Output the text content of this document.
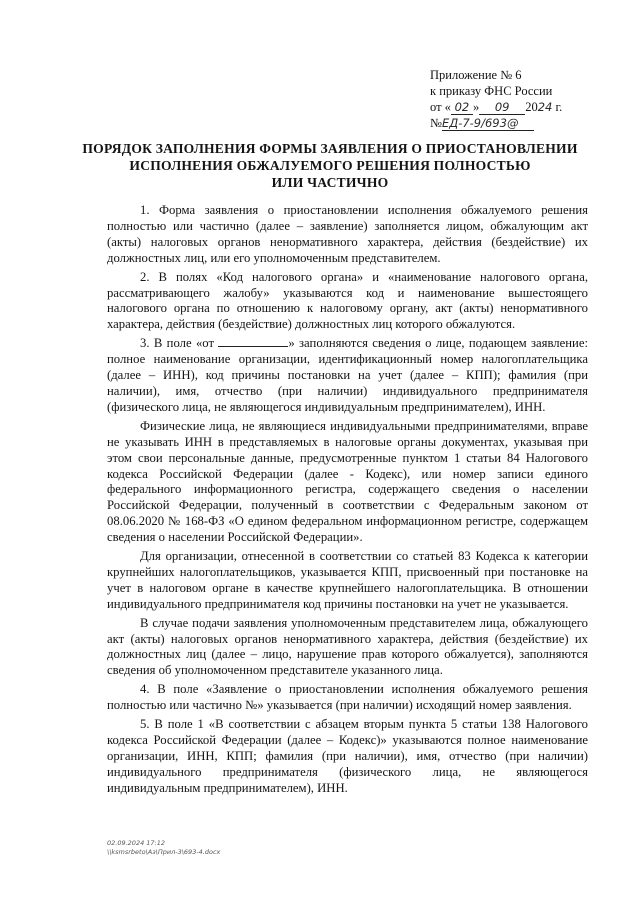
Приложение № 6
к приказу ФНС России
от « 02 » 09 2024 г.
№ЕД-7-9/693@
ПОРЯДОК ЗАПОЛНЕНИЯ ФОРМЫ ЗАЯВЛЕНИЯ О ПРИОСТАНОВЛЕНИИ
ИСПОЛНЕНИЯ ОБЖАЛУЕМОГО РЕШЕНИЯ ПОЛНОСТЬЮ
ИЛИ ЧАСТИЧНО

1. Форма заявления о приостановлении исполнения обжалуемого решения полностью или частично (далее – заявление) заполняется лицом, обжалующим акт (акты) налоговых органов ненормативного характера, действия (бездействие) их должностных лиц, или его уполномоченным представителем.

2. В полях «Код налогового органа» и «наименование налогового органа, рассматривающего жалобу» указываются код и наименование вышестоящего налогового органа по отношению к налоговому органу, акт (акты) ненормативного характера, действия (бездействие) должностных лиц которого обжалуются.

3. В поле «от	» заполняются сведения о лице, подающем заявление: полное наименование организации, идентификационный номер налогоплательщика (далее – ИНН), код причины постановки на учет (далее – КПП); фамилия (при наличии), имя, отчество (при наличии) индивидуального предпринимателя (физического лица, не являющегося индивидуальным предпринимателем), ИНН.

Физические лица, не являющиеся индивидуальными предпринимателями, вправе не указывать ИНН в представляемых в налоговые органы документах, указывая при этом свои персональные данные, предусмотренные пунктом 1 статьи 84 Налогового кодекса Российской Федерации (далее - Кодекс), или номер записи единого федерального информационного регистра, содержащего сведения о населении Российской Федерации, полученный в соответствии с Федеральным законом от 08.06.2020 № 168-ФЗ «О едином федеральном информационном регистре, содержащем сведения о населении Российской Федерации».

Для организации, отнесенной в соответствии со статьей 83 Кодекса к категории крупнейших налогоплательщиков, указывается КПП, присвоенный при постановке на учет в налоговом органе в качестве крупнейшего налогоплательщика. В отношении индивидуального предпринимателя код причины постановки на учет не указывается.

В случае подачи заявления уполномоченным представителем лица, обжалующего акт (акты) налоговых органов ненормативного характера, действия (бездействие) их должностных лиц (далее – лицо, нарушение прав которого обжалуется), заполняются сведения об уполномоченном представителе указанного лица.

4. В поле «Заявление о приостановлении исполнения обжалуемого решения полностью или частично №» указывается (при наличии) исходящий номер заявления.

5. В поле 1 «В соответствии с абзацем вторым пункта 5 статьи 138 Налогового кодекса Российской Федерации (далее – Кодекс)» указываются полное наименование организации, ИНН, КПП; фамилия (при наличии), имя, отчество (при наличии) индивидуального предпринимателя (физического лица, не являющегося индивидуальным предпринимателем), ИНН.

02.09.2024 17:12
\\ksmsrbeto\Аз\Прил-3\693-4.docx
